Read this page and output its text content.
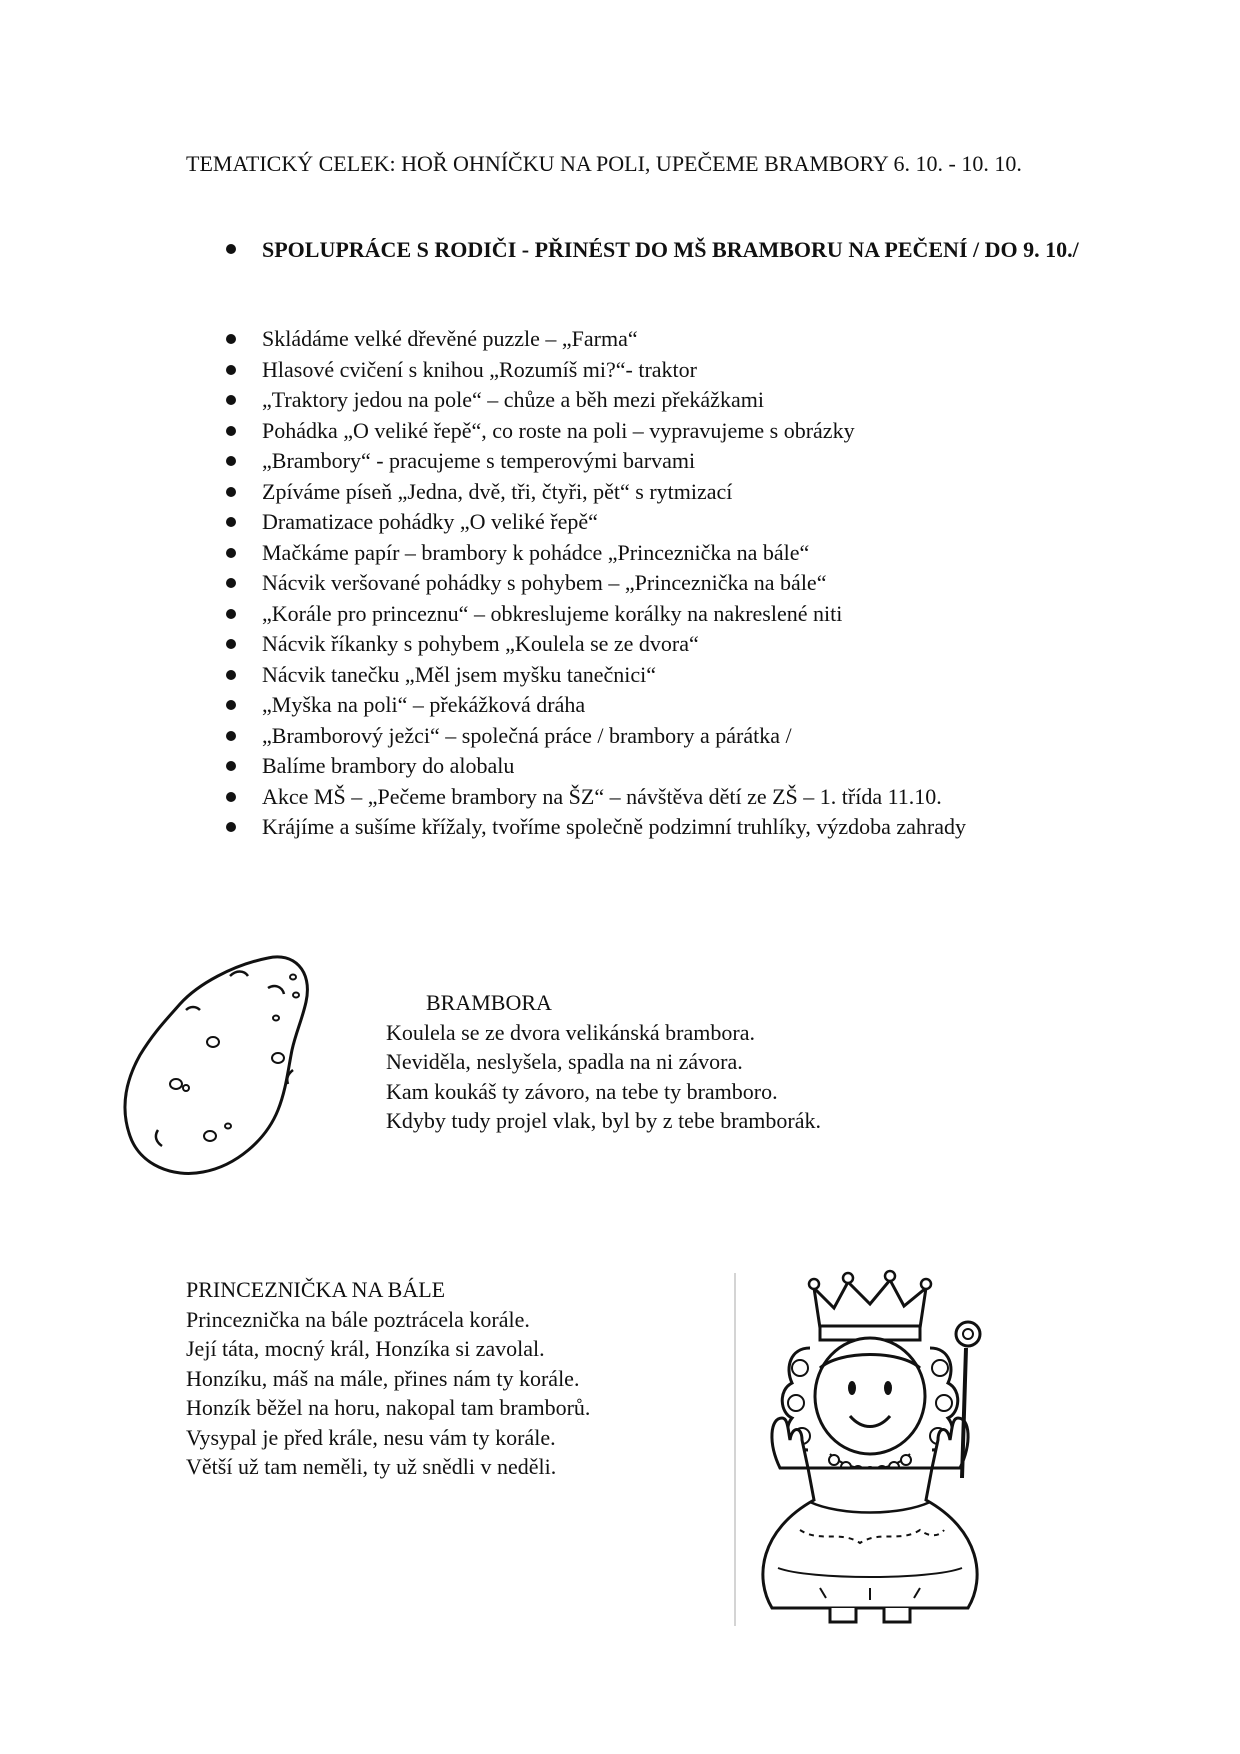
TEMATICKÝ CELEK: HOŘ OHNÍČKU NA POLI, UPEČEME BRAMBORY 6. 10. - 10. 10.
SPOLUPRÁCE S RODIČI - PŘINÉST DO MŠ BRAMBORU NA PEČENÍ / DO 9. 10./
Skládáme velké dřevěné puzzle – „Farma“
Hlasové cvičení s knihou „Rozumíš mi?“- traktor
„Traktory jedou na pole“ – chůze a běh mezi překážkami
Pohádka „O veliké řepě“, co roste na poli – vypravujeme s obrázky
„Brambory“ - pracujeme s temperovými barvami
Zpíváme píseň „Jedna, dvě, tři, čtyři, pět“ s rytmizací
Dramatizace pohádky „O veliké řepě“
Mačkáme papír – brambory k pohádce „Princeznička na bále“
Nácvik veršované pohádky s pohybem – „Princeznička na bále“
„Korále pro princeznu“ – obkreslujeme korálky na nakreslené niti
Nácvik říkanky s pohybem „Koulela se ze dvora“
Nácvik tanečku „Měl jsem myšku tanečnici“
„Myška na poli“ – překážková dráha
„Bramborový ježci“ – společná práce / brambory a párátka /
Balíme brambory do alobalu
Akce MŠ – „Pečeme brambory na ŠZ“ – návštěva dětí ze ZŠ – 1. třída 11.10.
Krájíme a sušíme křížaly, tvoříme společně podzimní truhlíky, výzdoba zahrady
BRAMBORA
Koulela se ze dvora velikánská brambora.
Neviděla, neslyšela, spadla na ni závora.
Kam koukáš ty závoro, na tebe ty bramboro.
Kdyby tudy projel vlak, byl by z tebe bramborák.
PRINCEZNIČKA NA BÁLE
Princeznička na bále poztrácela korále.
Její táta, mocný král, Honzíka si zavolal.
Honzíku, máš na mále, přines nám ty korále.
Honzík běžel na horu, nakopal tam bramborů.
Vysypal je před krále, nesu vám ty korále.
Větší už tam neměli, ty už snědli v neděli.
